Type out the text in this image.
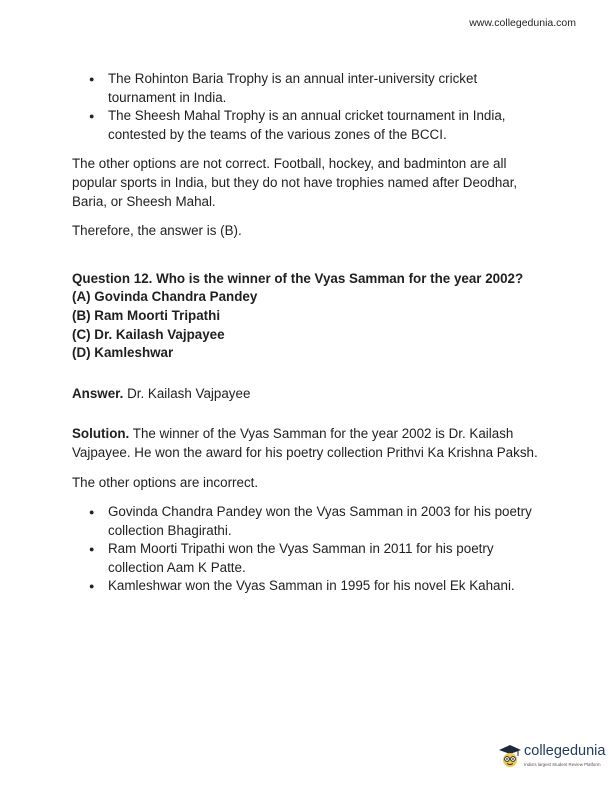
www.collegedunia.com
● The Rohinton Baria Trophy is an annual inter-university cricket tournament in India.
● The Sheesh Mahal Trophy is an annual cricket tournament in India, contested by the teams of the various zones of the BCCI.

The other options are not correct. Football, hockey, and badminton are all popular sports in India, but they do not have trophies named after Deodhar, Baria, or Sheesh Mahal.

Therefore, the answer is (B).

Question 12. Who is the winner of the Vyas Samman for the year 2002?

(A) Govinda Chandra Pandey

(B) Ram Moorti Tripathi

(C) Dr. Kailash Vajpayee

(D) Kamleshwar

Answer. Dr. Kailash Vajpayee

Solution. The winner of the Vyas Samman for the year 2002 is Dr. Kailash Vajpayee. He won the award for his poetry collection Prithvi Ka Krishna Paksh.

The other options are incorrect.

● Govinda Chandra Pandey won the Vyas Samman in 2003 for his poetry collection Bhagirathi.
● Ram Moorti Tripathi won the Vyas Samman in 2011 for his poetry collection Aam K Patte.
● Kamleshwar won the Vyas Samman in 1995 for his novel Ek Kahani.
collegedunia
India's largest Student Review Platform
